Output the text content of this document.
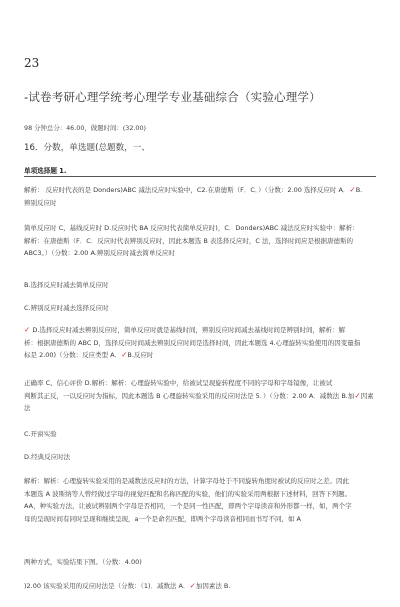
23
-试卷考研心理学统考心理学专业基础综合（实验心理学）
98 分钟总分：46.00，做题时间：(32.00)
16．分数，单选题(总题数，一、
单项选择题 1.

解析： 反应时代表的是 Donders)ABC 减法反应时实验中，C2.在唐德斯（F．C．）（分数：2.00 选择反应时 A．✓B.
辨别反应时

简单反应时 C、基线反应时 D.反应时代 BA 反应时代表简单反应时)，C．Donders)ABC 减法反应时实验中：解析：
解析：在唐德斯（F．C．反应时代表辨别反应时，因此本题选 B 表选择反应时，C 法，选择时间应是根据唐德斯的
ABC3。）（分数：2.00 A.辨别反应时减去简单反应时

B.选择反应时减去简单反应时

C.辨别反应时减去选择反应时

✓ D.选择反应时减去辨别反应时，简单反应时就是基线时间，辨别反应时间减去基线时间是辨别时间，解析：解
析：根据唐德斯的 ABC D，选择反应时间减去辨别反应时间是选择时间，因此本题选 4.心理旋转实验使用的因变量指
标是 2.00)（分数：反应类型 A．✓B.反应时

正确率 C、信心评价 D.解析：解析：心理旋转实验中，给被试呈现旋转程度不同的字母和字母镜像，让被试
判断其正反，一以反应时为指标，因此本题选 B 心理旋转实验采用的反应时法是 5．）（分数：2.00 A．减数法 B.加✓因素法

C.开窗实验

D.经典反应时法

解析：解析：心理旋转实验采用的是减数法反应时的方法，计算字母处于不同旋转角度时被试的反应时之差。因此
本题选 A 波斯纳等人曾经做过字母的视觉匹配和名称匹配的实验，他们的实验采用两根据下述材料，回答下列题。
AA，种实验方法，让被试辨别两个字母是否相同，一个是同一性匹配，即两个字母读音和外形都一样，如，两个字
母的呈现时间有同时呈现和继续呈现，a一个是命名匹配，即两个字母读音相同而书写不同，如 A

两种方式，实验结果下图。（分数：4.00)

)2.00 该实验采用的反应时法是（分数：（1)．减数法 A．✓加因素法 B.
